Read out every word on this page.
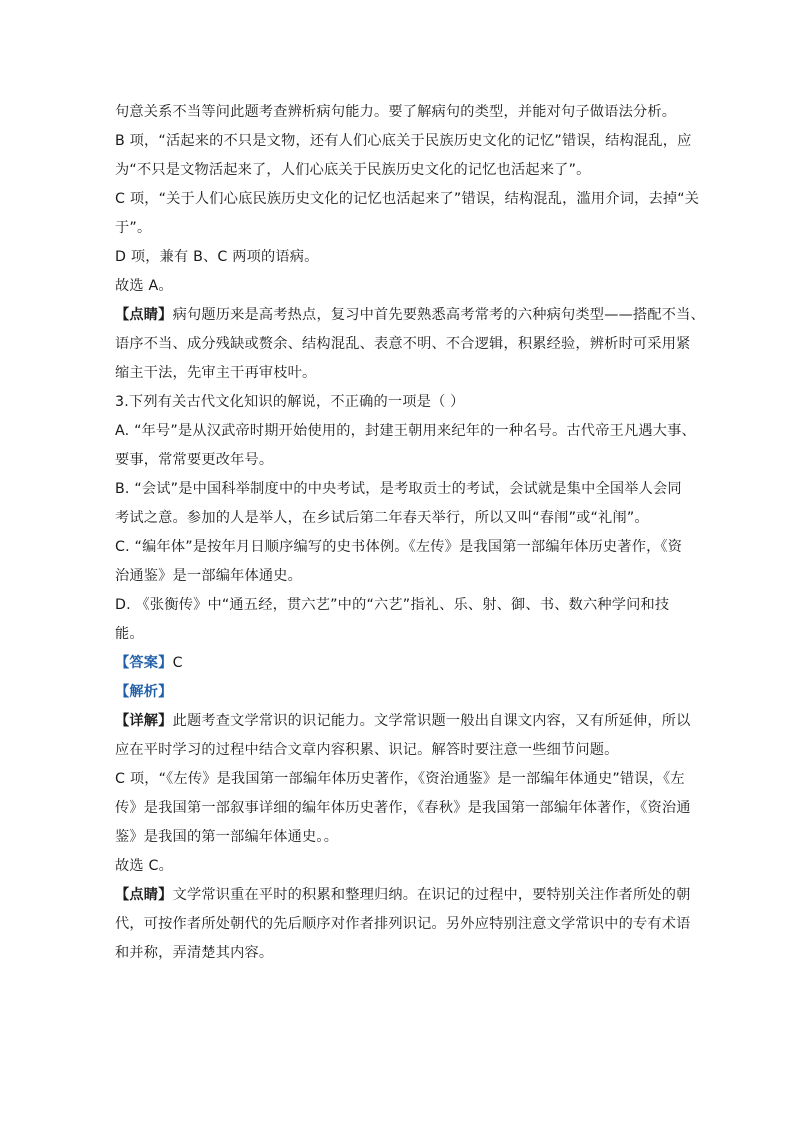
句意关系不当等问此题考查辨析病句能力。要了解病句的类型，并能对句子做语法分析。
B 项，“活起来的不只是文物，还有人们心底关于民族历史文化的记忆”错误，结构混乱，应
为“不只是文物活起来了，人们心底关于民族历史文化的记忆也活起来了”。
C 项，“关于人们心底民族历史文化的记忆也活起来了”错误，结构混乱，滥用介词，去掉“关
于”。
D 项，兼有 B、C 两项的语病。
故选 A。
【点睛】病句题历来是高考热点，复习中首先要熟悉高考常考的六种病句类型——搭配不当、
语序不当、成分残缺或赘余、结构混乱、表意不明、不合逻辑，积累经验，辨析时可采用紧
缩主干法，先审主干再审枝叶。
3.下列有关古代文化知识的解说，不正确的一项是（ ）
A. “年号”是从汉武帝时期开始使用的，封建王朝用来纪年的一种名号。古代帝王凡遇大事、
要事，常常要更改年号。
B. “会试”是中国科举制度中的中央考试，是考取贡士的考试，会试就是集中全国举人会同
考试之意。参加的人是举人，在乡试后第二年春天举行，所以又叫“春闱”或“礼闱”。
C. “编年体”是按年月日顺序编写的史书体例。《左传》是我国第一部编年体历史著作，《资
治通鉴》是一部编年体通史。
D. 《张衡传》中“通五经，贯六艺”中的“六艺”指礼、乐、射、御、书、数六种学问和技
能。
【答案】C
【解析】
【详解】此题考查文学常识的识记能力。文学常识题一般出自课文内容，又有所延伸，所以
应在平时学习的过程中结合文章内容积累、识记。解答时要注意一些细节问题。
C 项，“《左传》是我国第一部编年体历史著作，《资治通鉴》是一部编年体通史”错误，《左
传》是我国第一部叙事详细的编年体历史著作，《春秋》是我国第一部编年体著作，《资治通
鉴》是我国的第一部编年体通史。。
故选 C。
【点睛】文学常识重在平时的积累和整理归纳。在识记的过程中，要特别关注作者所处的朝
代，可按作者所处朝代的先后顺序对作者排列识记。另外应特别注意文学常识中的专有术语
和并称，弄清楚其内容。
